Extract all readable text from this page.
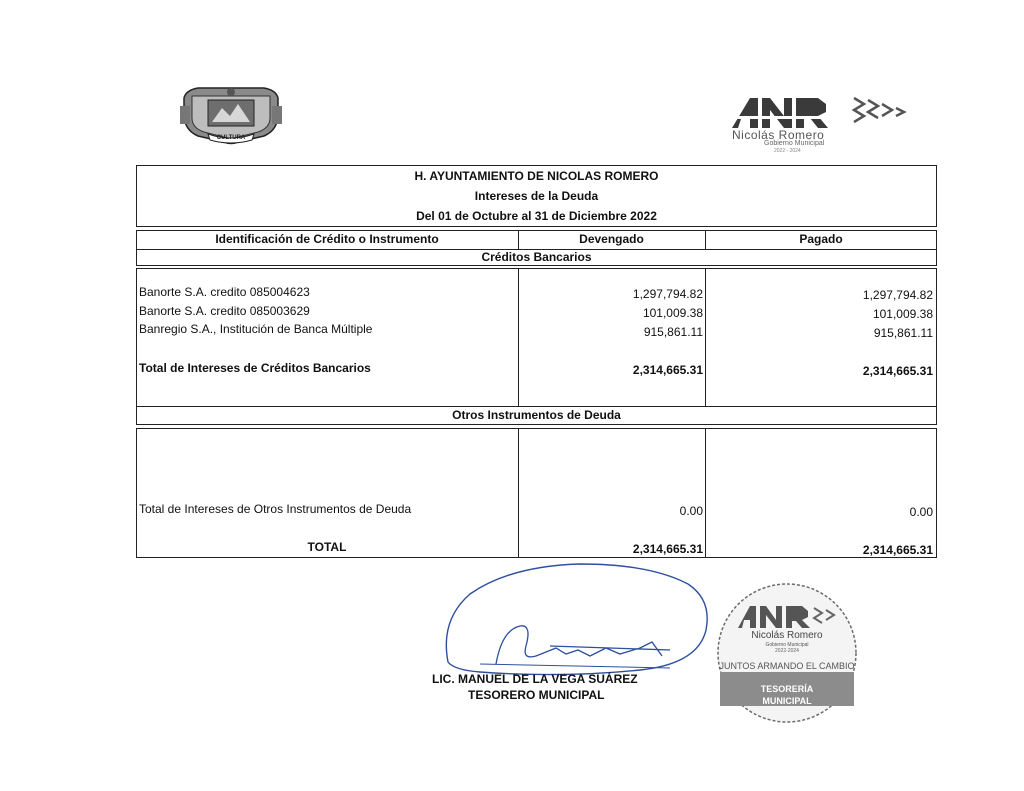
CULTURA	Nicolás Romero
Gobierno Municipal
2022 - 2024
H. AYUNTAMIENTO DE NICOLAS ROMERO
Intereses de la Deuda
Del 01 de Octubre al 31 de Diciembre 2022
Identificación de Crédito o Instrumento	Devengado	Pagado
Créditos Bancarios
Banorte S.A. credito 085004623	1,297,794.82	1,297,794.82
Banorte S.A. credito 085003629	101,009.38	101,009.38
Banregio S.A., Institución de Banca Múltiple	915,861.11	915,861.11
Total de Intereses de Créditos Bancarios	2,314,665.31	2,314,665.31
Otros Instrumentos de Deuda
Total de Intereses de Otros Instrumentos de Deuda	0.00	0.00
TOTAL	2,314,665.31	2,314,665.31
LIC. MANUEL DE LA VEGA SUÁREZ
TESORERO MUNICIPAL
Nicolás Romero
Gobierno Municipal
2022-2024
JUNTOS ARMANDO EL CAMBIO
TESORERÍA
MUNICIPAL
